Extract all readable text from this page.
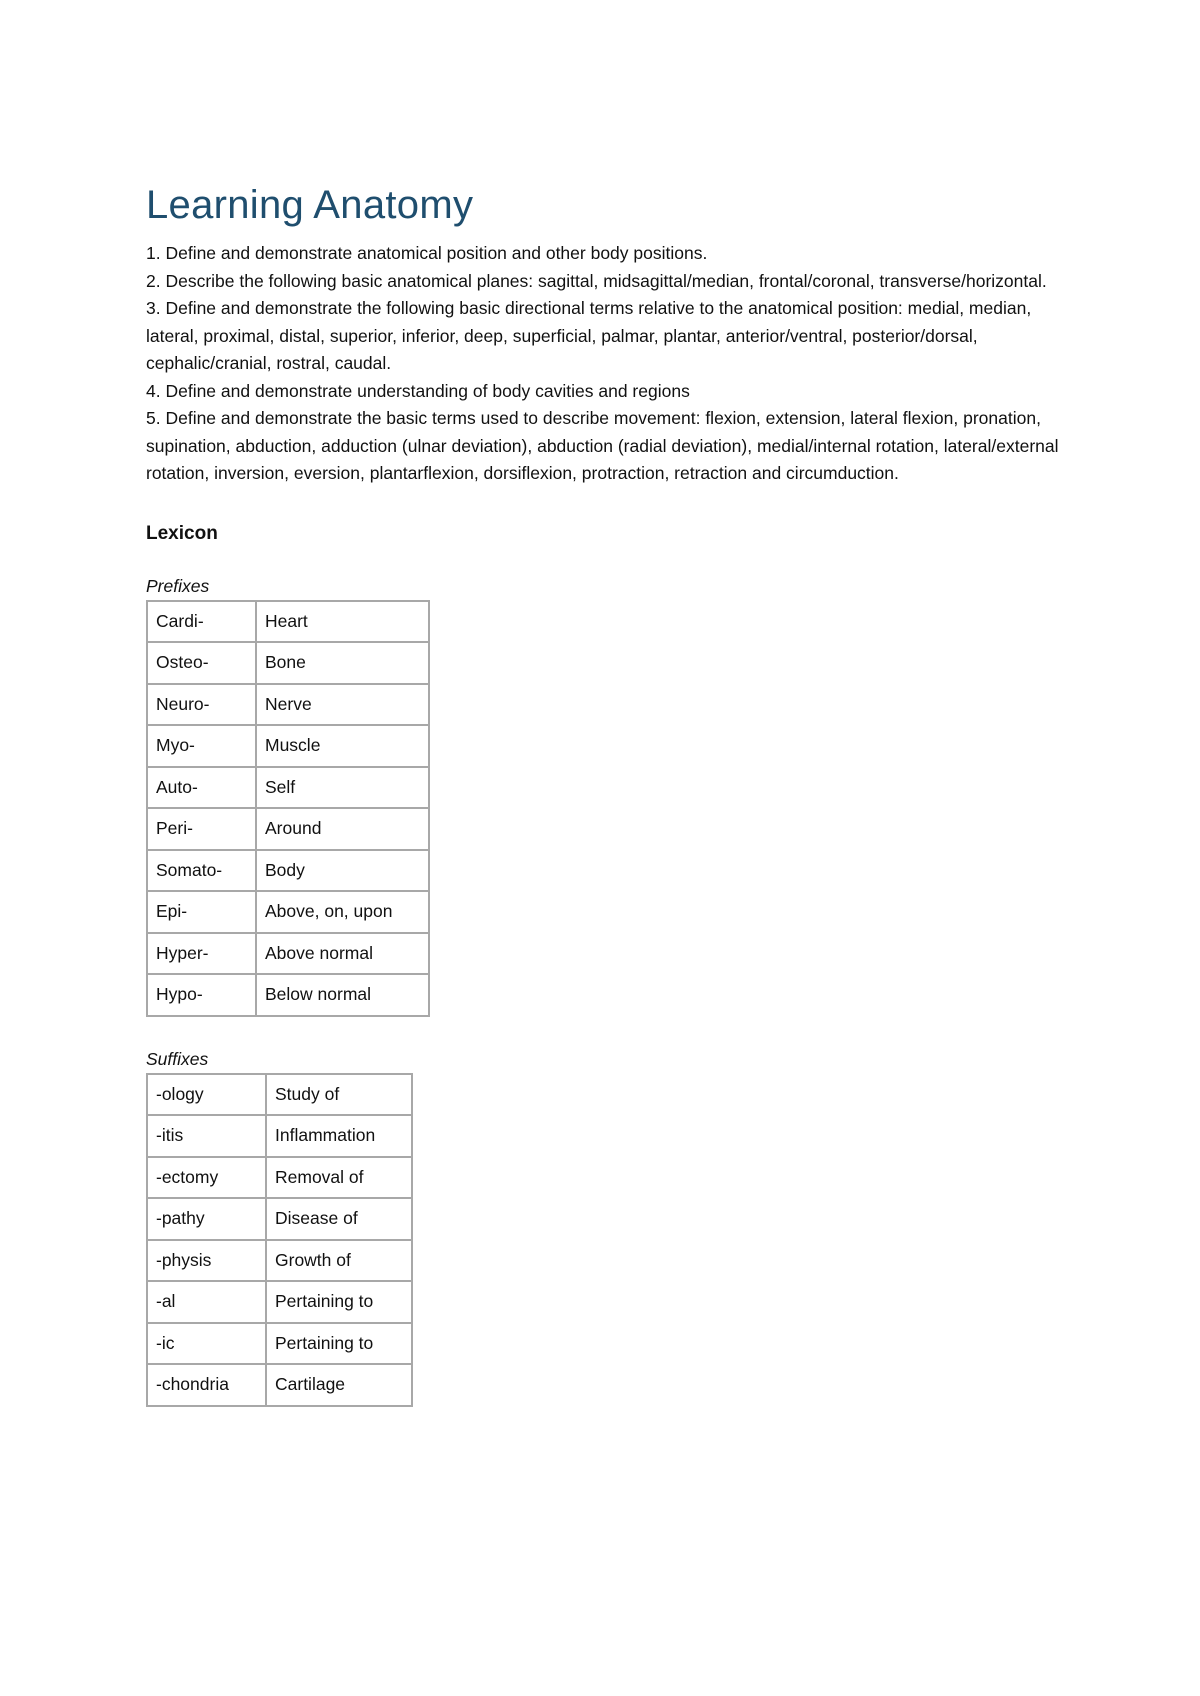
Learning Anatomy
1. Define and demonstrate anatomical position and other body positions.
2. Describe the following basic anatomical planes: sagittal, midsagittal/median, frontal/coronal, transverse/horizontal.
3. Define and demonstrate the following basic directional terms relative to the anatomical position: medial, median, lateral, proximal, distal, superior, inferior, deep, superficial, palmar, plantar, anterior/ventral, posterior/dorsal, cephalic/cranial, rostral, caudal.
4. Define and demonstrate understanding of body cavities and regions
5. Define and demonstrate the basic terms used to describe movement: flexion, extension, lateral flexion, pronation, supination, abduction, adduction (ulnar deviation), abduction (radial deviation), medial/internal rotation, lateral/external rotation, inversion, eversion, plantarflexion, dorsiflexion, protraction, retraction and circumduction.
Lexicon
Prefixes
Cardi-	Heart
Osteo-	Bone
Neuro-	Nerve
Myo-	Muscle
Auto-	Self
Peri-	Around
Somato-	Body
Epi-	Above, on, upon
Hyper-	Above normal
Hypo-	Below normal
Suffixes
-ology	Study of
-itis	Inflammation
-ectomy	Removal of
-pathy	Disease of
-physis	Growth of
-al	Pertaining to
-ic	Pertaining to
-chondria	Cartilage
